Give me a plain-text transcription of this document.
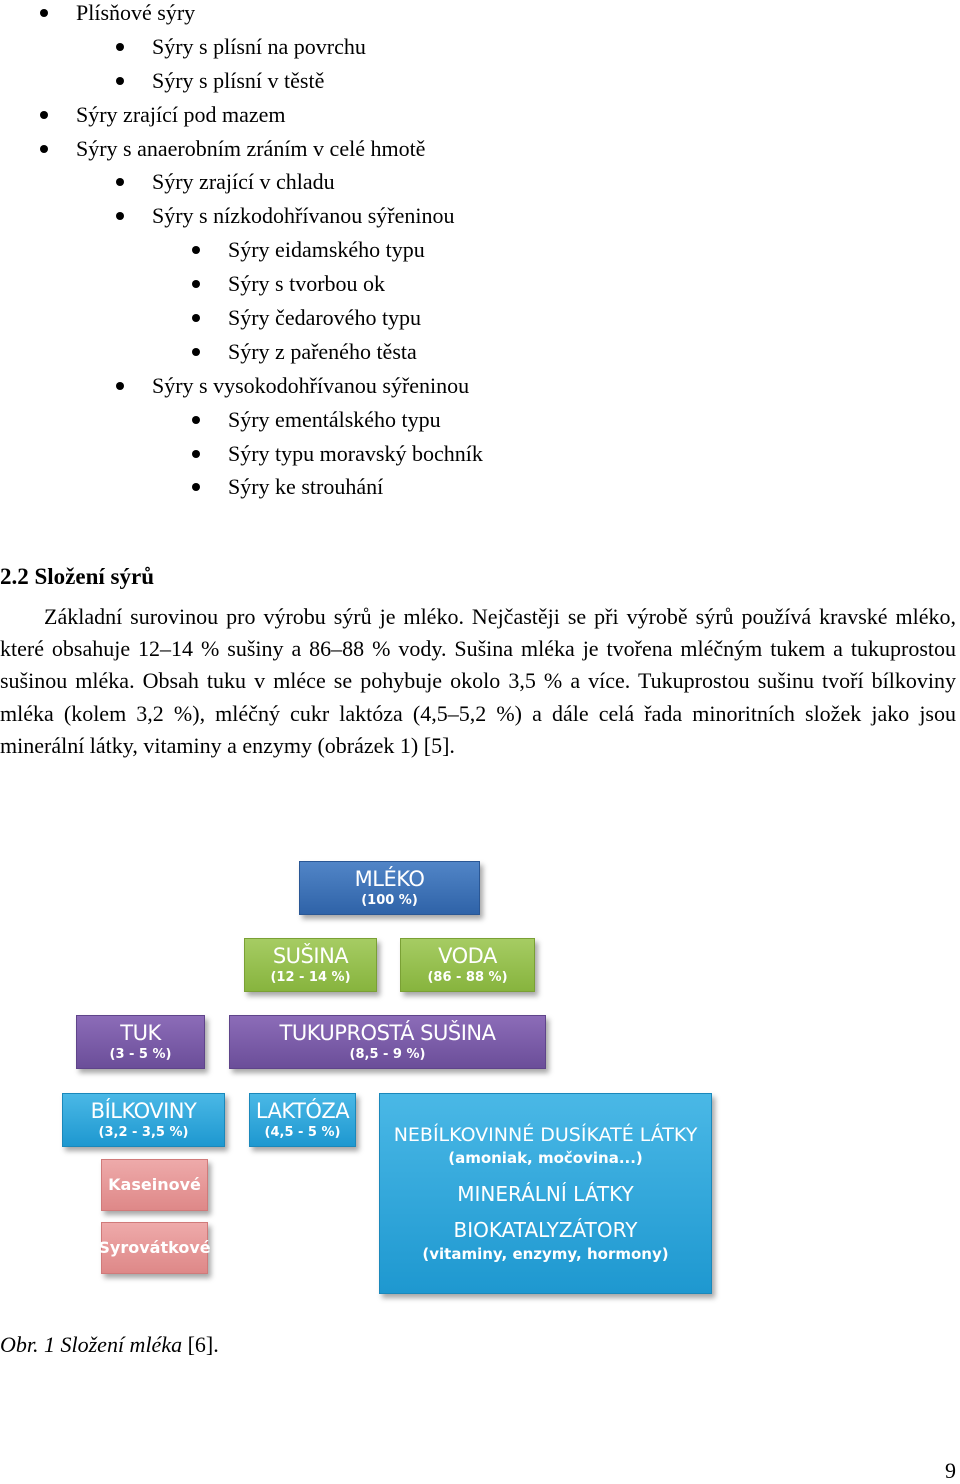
Plísňové sýry
Sýry s plísní na povrchu
Sýry s plísní v těstě
Sýry zrající pod mazem
Sýry s anaerobním zráním v celé hmotě
Sýry zrající v chladu
Sýry s nízkodohřívanou sýřeninou
Sýry eidamského typu
Sýry s tvorbou ok
Sýry čedarového typu
Sýry z pařeného těsta
Sýry s vysokodohřívanou sýřeninou
Sýry ementálského typu
Sýry typu moravský bochník
Sýry ke strouhání
2.2 Složení sýrů
Základní surovinou pro výrobu sýrů je mléko. Nejčastěji se při výrobě sýrů používá kravské mléko, které obsahuje 12–14 % sušiny a 86–88 % vody. Sušina mléka je tvořena mléčným tukem a tukuprostou sušinou mléka. Obsah tuku v mléce se pohybuje okolo 3,5 % a více. Tukuprostou sušinu tvoří bílkoviny mléka (kolem 3,2 %), mléčný cukr laktóza (4,5–5,2 %) a dále celá řada minoritních složek jako jsou minerální látky, vitaminy a enzymy (obrázek 1) [5].
MLÉKO
(100 %)
SUŠINA
(12 - 14 %)
VODA
(86 - 88 %)
TUK
(3 - 5 %)
TUKUPROSTÁ SUŠINA
(8,5 - 9 %)
BÍLKOVINY
(3,2 - 3,5 %)
LAKTÓZA
(4,5 - 5 %)	NEBÍLKOVINNÉ DUSÍKATÉ LÁTKY
(amoniak, močovina...)
MINERÁLNÍ LÁTKY
BIOKATALYZÁTORY
(vitaminy, enzymy, hormony)
Kaseinové
Syrovátkové
Obr. 1 Složení mléka [6].
9
